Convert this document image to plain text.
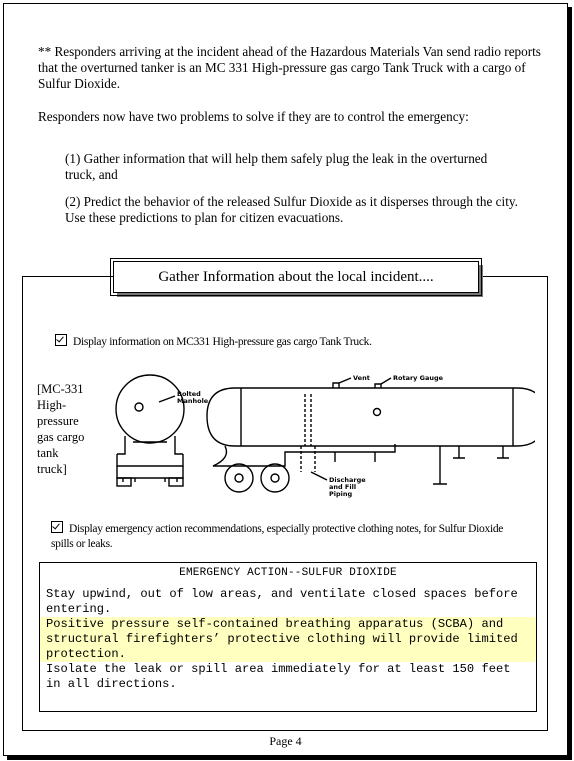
** Responders arriving at the incident ahead of the Hazardous Materials Van send radio reports that the overturned tanker is an MC 331 High-pressure gas cargo Tank Truck with a cargo of Sulfur Dioxide.

Responders now have two problems to solve if they are to control the emergency:

(1) Gather information that will help them safely plug the leak in the overturned truck, and

(2) Predict the behavior of the released Sulfur Dioxide as it disperses through the city. Use these predictions to plan for citizen evacuations.

Gather Information about the local incident....
Display information on MC331 High-pressure gas cargo Tank Truck.
[MC-331
High-
pressure
gas cargo
tank
truck]
Bolted
Manhole
Vent	Rotary Gauge
Discharge
and Fill
Piping
Display emergency action recommendations, especially protective clothing notes, for Sulfur Dioxide spills or leaks.
EMERGENCY ACTION--SULFUR DIOXIDE
Stay upwind, out of low areas, and ventilate closed spaces before entering.
Positive pressure self-contained breathing apparatus (SCBA) and structural firefighters’ protective clothing will provide limited protection.
Isolate the leak or spill area immediately for at least 150 feet in all directions.
Page 4
